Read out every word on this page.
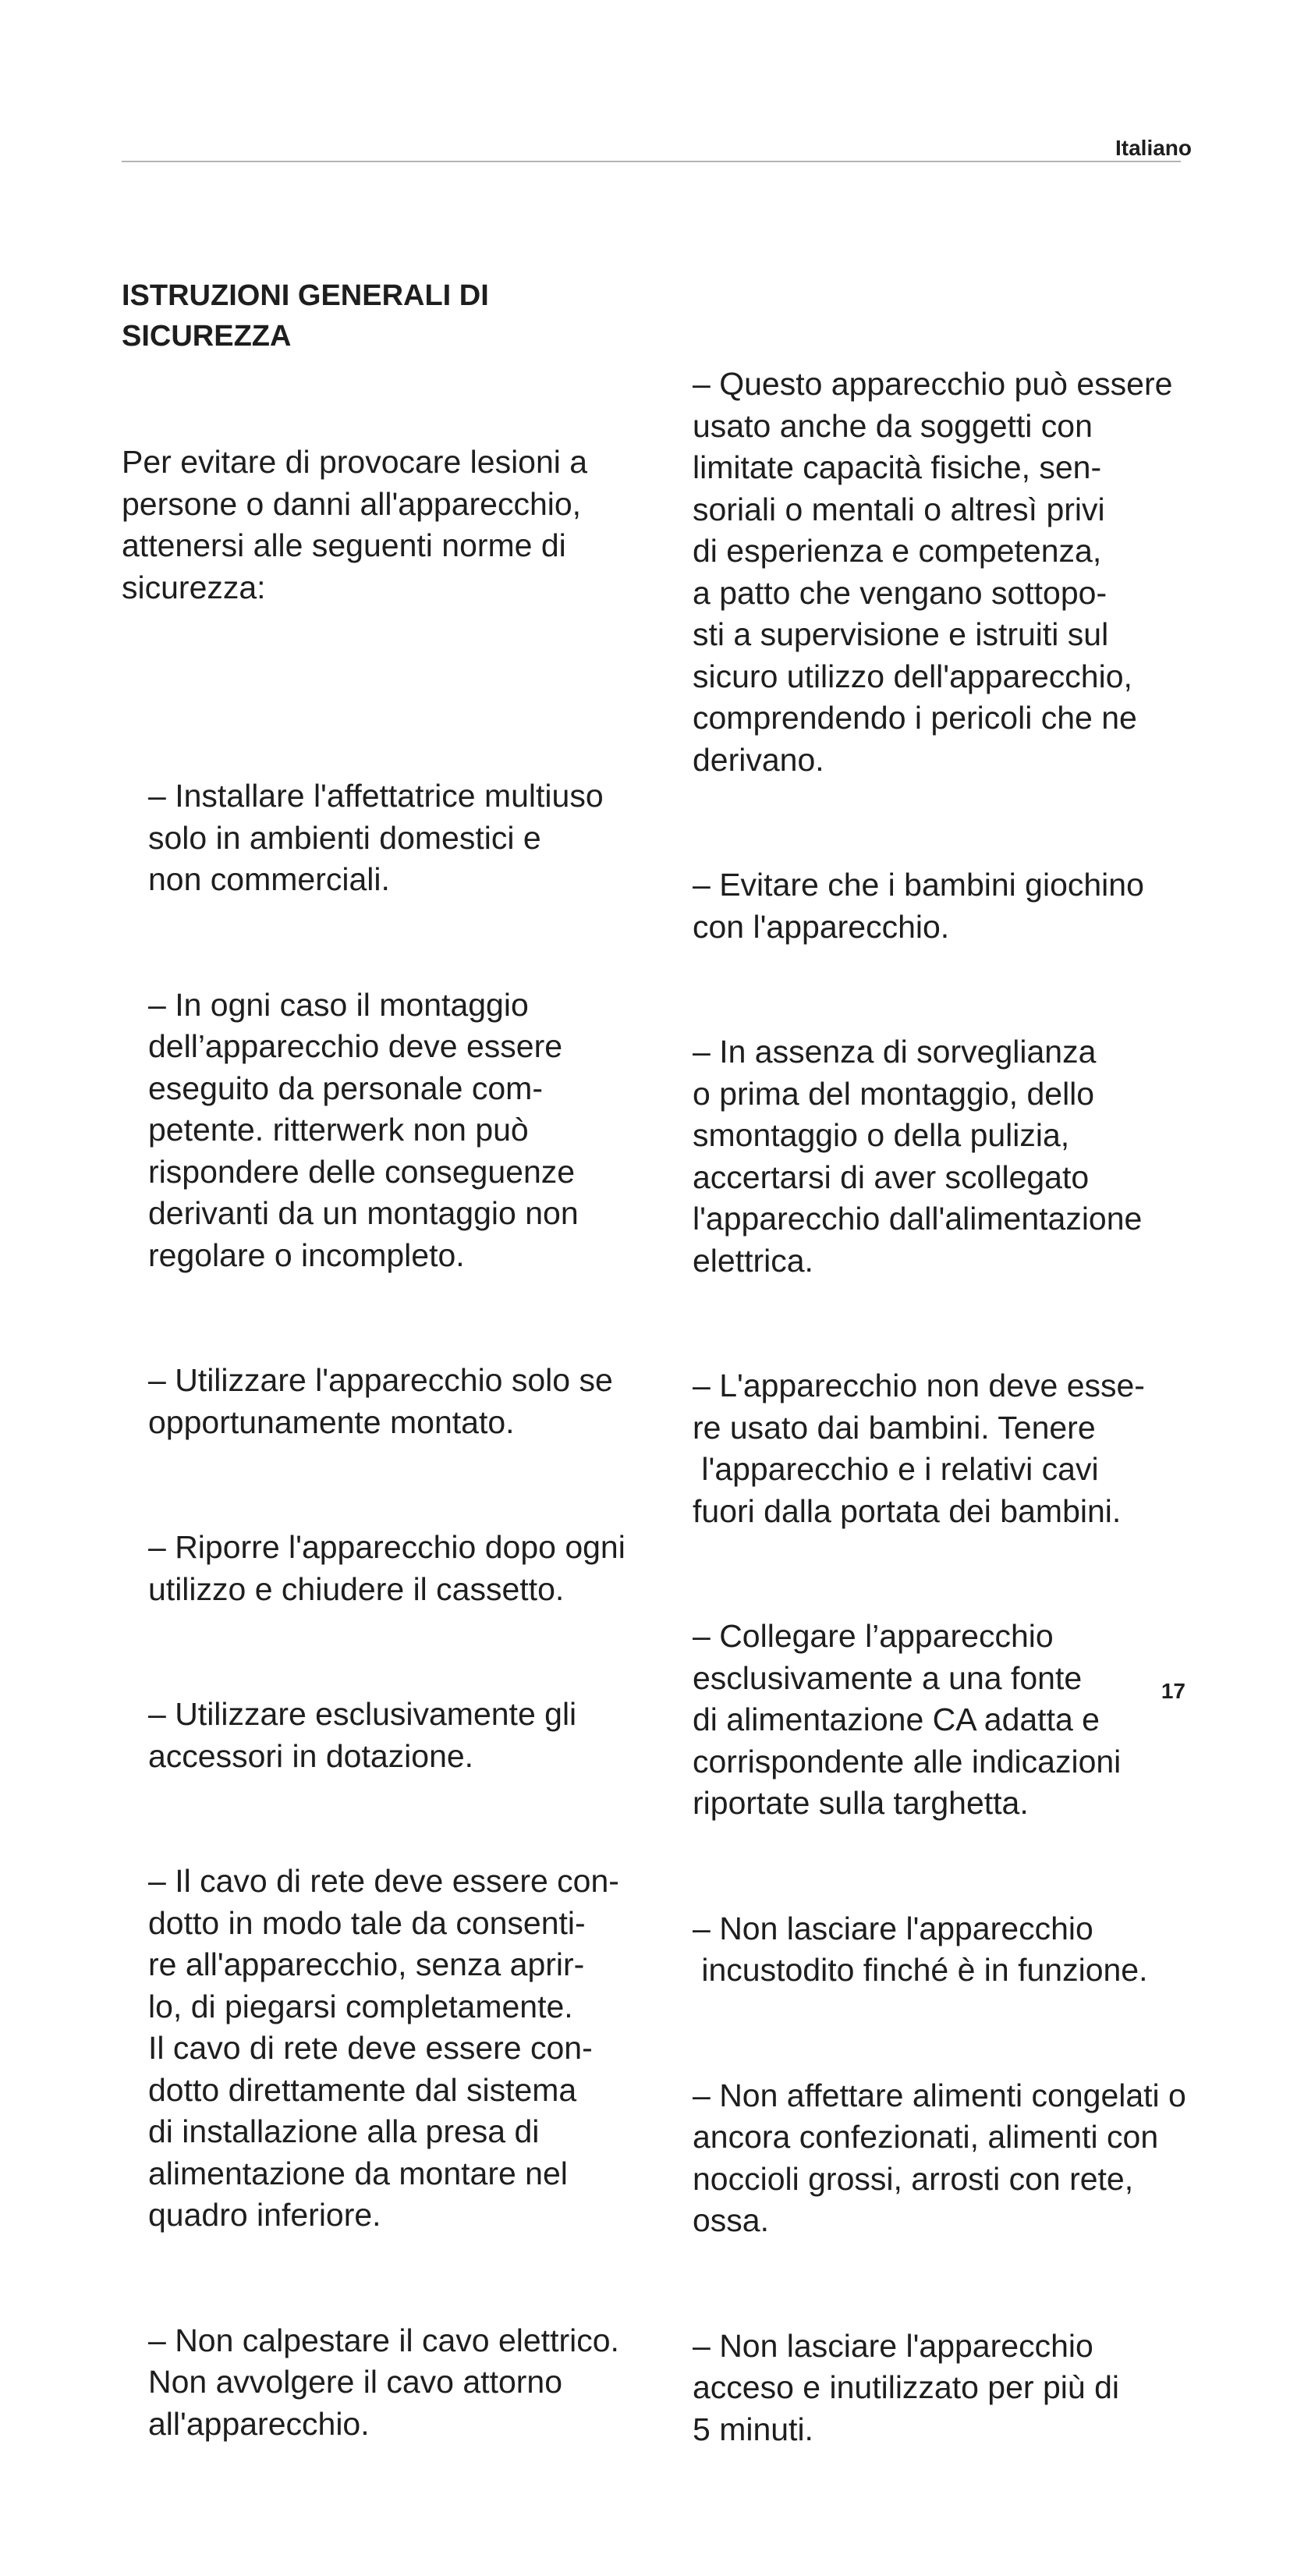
Italiano

ISTRUZIONI GENERALI DI
SICUREZZA

Per evitare di provocare lesioni a
persone o danni all'apparecchio,
attenersi alle seguenti norme di
sicurezza:

– Installare l'affettatrice multiuso
solo in ambienti domestici e
non commerciali.

– In ogni caso il montaggio
dell’apparecchio deve essere
eseguito da personale com-
petente. ritterwerk non può
rispondere delle conseguenze
derivanti da un montaggio non
regolare o incompleto.

– Utilizzare l'apparecchio solo se
opportunamente montato.

– Riporre l'apparecchio dopo ogni
utilizzo e chiudere il cassetto.

– Utilizzare esclusivamente gli
accessori in dotazione.

– Il cavo di rete deve essere con-
dotto in modo tale da consenti-
re all'apparecchio, senza aprir-
lo, di piegarsi completamente.
Il cavo di rete deve essere con-
dotto direttamente dal sistema
di installazione alla presa di
alimentazione da montare nel
quadro inferiore.

– Non calpestare il cavo elettrico.
Non avvolgere il cavo attorno
all'apparecchio.

– Questo apparecchio può essere
usato anche da soggetti con
limitate capacità fisiche, sen-
soriali o mentali o altresì privi
di esperienza e competenza,
a patto che vengano sottopo-
sti a supervisione e istruiti sul
sicuro utilizzo dell'apparecchio,
comprendendo i pericoli che ne
derivano.

– Evitare che i bambini giochino
con l'apparecchio.

– In assenza di sorveglianza
o prima del montaggio, dello
smontaggio o della pulizia,
accertarsi di aver scollegato
l'apparecchio dall'alimentazione
elettrica.

– L'apparecchio non deve esse-
re usato dai bambini. Tenere
l'apparecchio e i relativi cavi
fuori dalla portata dei bambini.

– Collegare l’apparecchio
esclusivamente a una fonte
di alimentazione CA adatta e
corrispondente alle indicazioni
riportate sulla targhetta.

– Non lasciare l'apparecchio
incustodito finché è in funzione.

– Non affettare alimenti congelati o
ancora confezionati, alimenti con
noccioli grossi, arrosti con rete,
ossa.

– Non lasciare l'apparecchio
acceso e inutilizzato per più di
5 minuti.

17
